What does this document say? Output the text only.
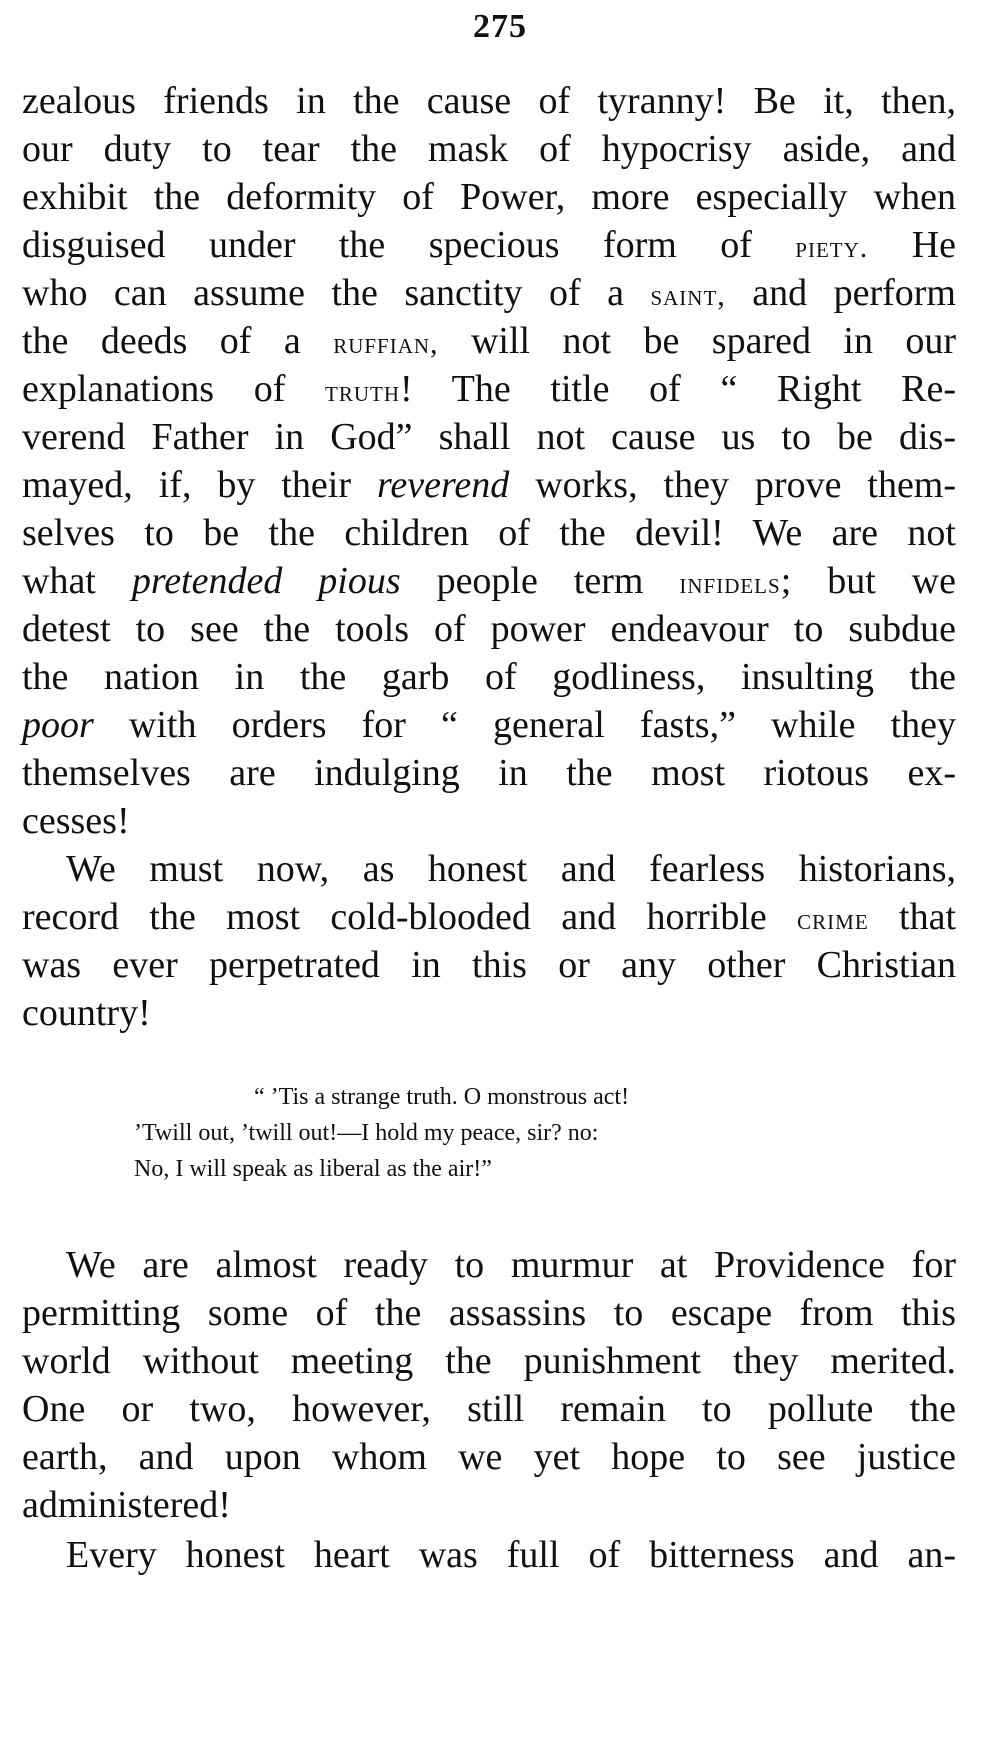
275
zealous friends in the cause of tyranny! Be it, then,
our duty to tear the mask of hypocrisy aside, and
exhibit the deformity of Power, more especially when
disguised under the specious form of piety. He
who can assume the sanctity of a saint, and perform
the deeds of a ruffian, will not be spared in our
explanations of truth! The title of “ Right Re-
verend Father in God” shall not cause us to be dis-
mayed, if, by their reverend works, they prove them-
selves to be the children of the devil! We are not
what pretended pious people term infidels; but we
detest to see the tools of power endeavour to subdue
the nation in the garb of godliness, insulting the
poor with orders for “ general fasts,” while they
themselves are indulging in the most riotous ex-
cesses!
We must now, as honest and fearless historians,
record the most cold-blooded and horrible crime that
was ever perpetrated in this or any other Christian
country!
“ ’Tis a strange truth. O monstrous act!
’Twill out, ’twill out!—I hold my peace, sir? no:
No, I will speak as liberal as the air!”
We are almost ready to murmur at Providence for
permitting some of the assassins to escape from this
world without meeting the punishment they merited.
One or two, however, still remain to pollute the
earth, and upon whom we yet hope to see justice
administered!
Every honest heart was full of bitterness and an-
